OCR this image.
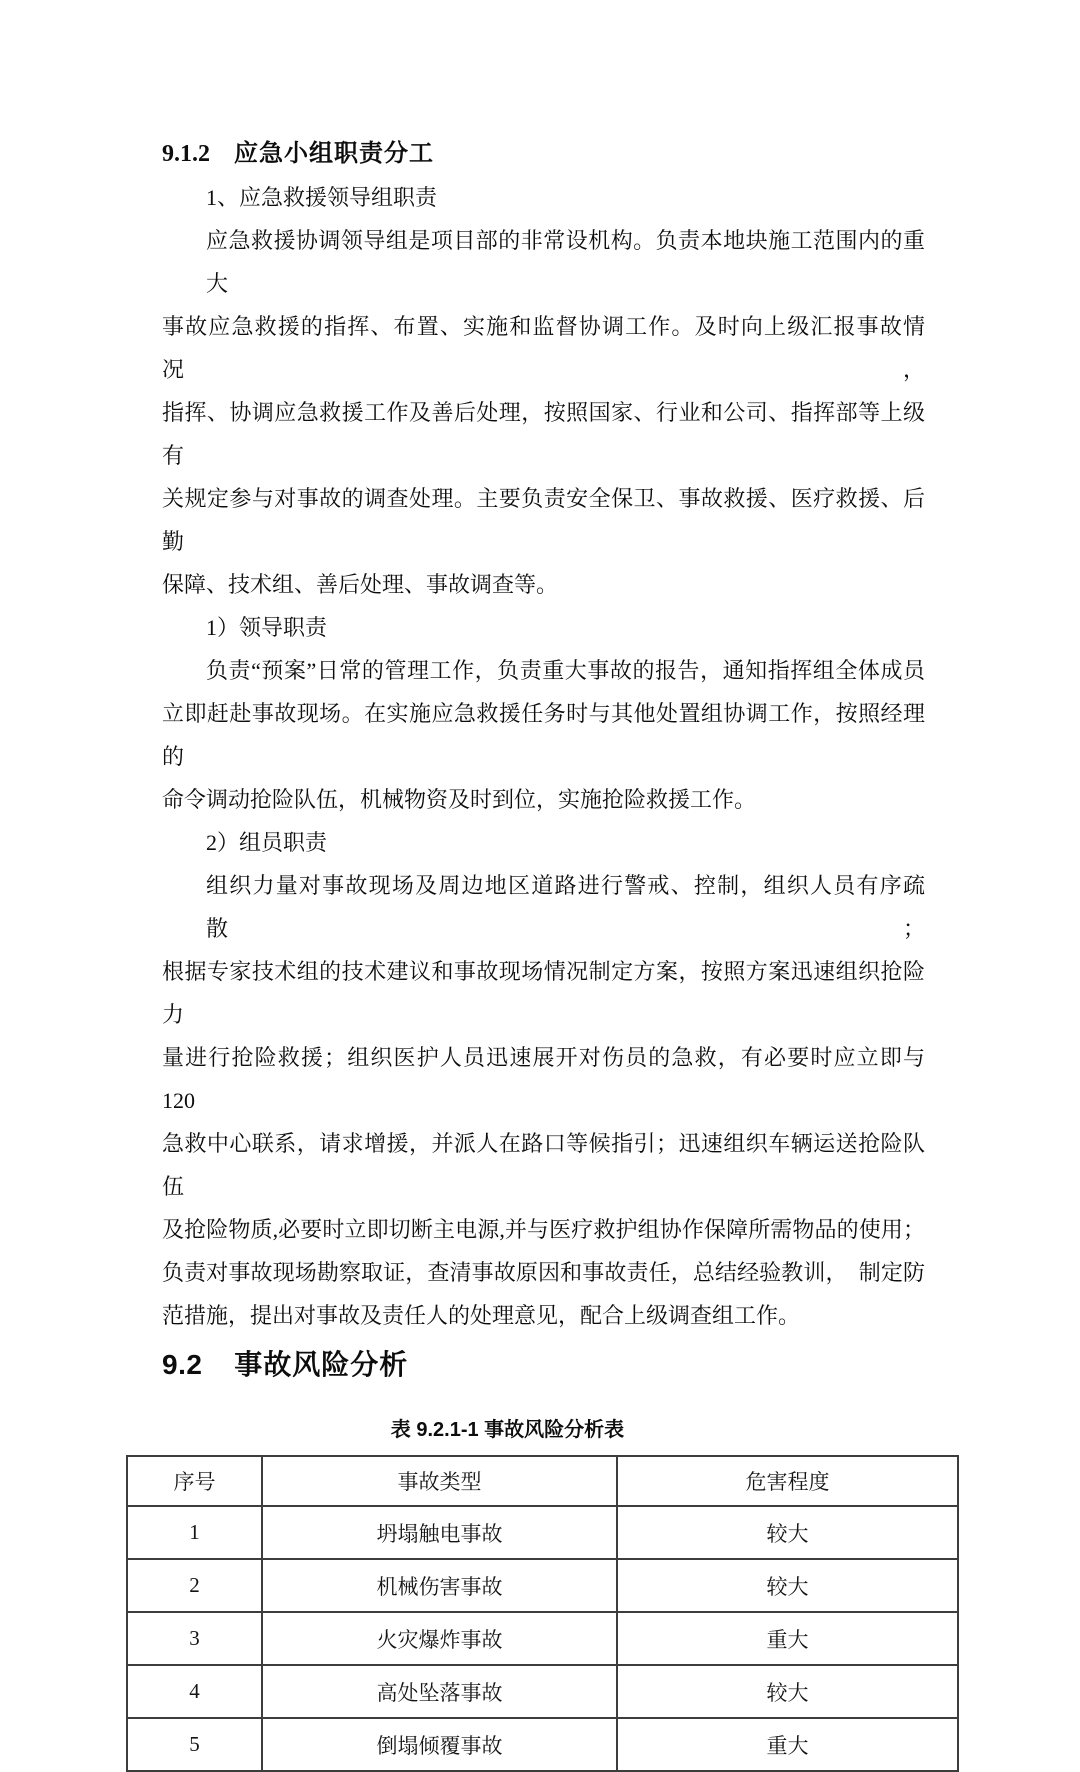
9.1.2 应急小组职责分工
1、应急救援领导组职责
应急救援协调领导组是项目部的非常设机构。负责本地块施工范围内的重大
事故应急救援的指挥、布置、实施和监督协调工作。及时向上级汇报事故情况，
指挥、协调应急救援工作及善后处理，按照国家、行业和公司、指挥部等上级有
关规定参与对事故的调查处理。主要负责安全保卫、事故救援、医疗救援、后勤
保障、技术组、善后处理、事故调查等。
1）领导职责
负责“预案”日常的管理工作，负责重大事故的报告，通知指挥组全体成员
立即赶赴事故现场。在实施应急救援任务时与其他处置组协调工作，按照经理的
命令调动抢险队伍，机械物资及时到位，实施抢险救援工作。
2）组员职责
组织力量对事故现场及周边地区道路进行警戒、控制，组织人员有序疏散；
根据专家技术组的技术建议和事故现场情况制定方案，按照方案迅速组织抢险力
量进行抢险救援；组织医护人员迅速展开对伤员的急救，有必要时应立即与 120
急救中心联系，请求增援，并派人在路口等候指引；迅速组织车辆运送抢险队伍
及抢险物质,必要时立即切断主电源,并与医疗救护组协作保障所需物品的使用；
负责对事故现场勘察取证，查清事故原因和事故责任，总结经验教训，　制定防
范措施，提出对事故及责任人的处理意见，配合上级调查组工作。
9.2 事故风险分析
表 9.2.1-1 事故风险分析表
序号	事故类型	危害程度
1	坍塌触电事故	较大
2	机械伤害事故	较大
3	火灾爆炸事故	重大
4	高处坠落事故	较大
5	倒塌倾覆事故	重大
